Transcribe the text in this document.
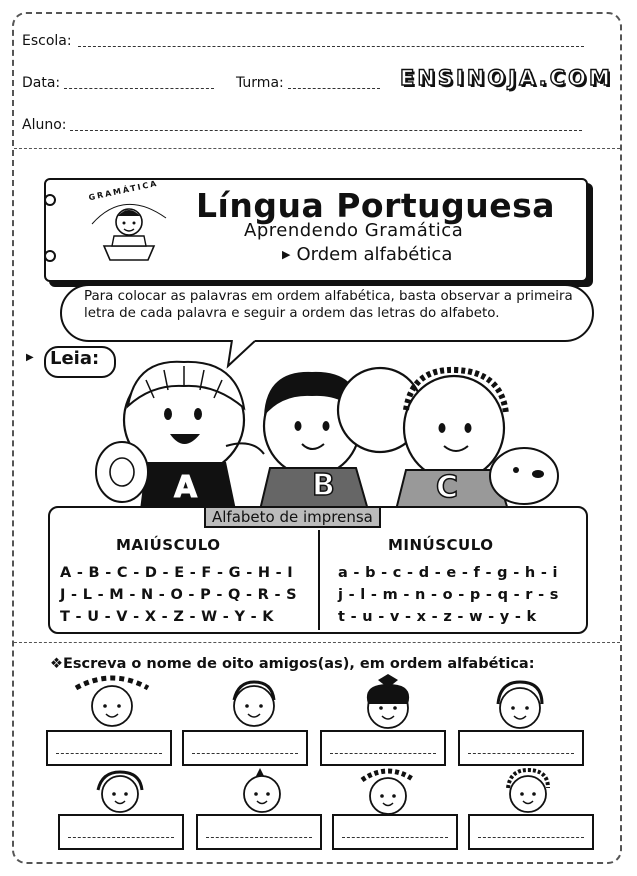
Escola:
Data:	Turma:	ENSINOJA.COM
Aluno:
GRAMÁTICA Língua Portuguesa
Aprendendo Gramática
▶ Ordem alfabética
Para colocar as palavras em ordem alfabética, basta observar a primeira letra de cada palavra e seguir a ordem das letras do alfabeto.
▶ Leia:
A	B	C
Alfabeto de imprensa
MAIÚSCULO	MINÚSCULO
A - B - C - D - E - F - G - H - I
J - L - M - N - O - P - Q - R - S
T - U - V - X - Z - W - Y - K
a - b - c - d - e - f - g - h - i
j - l - m - n - o - p - q - r - s
t - u - v - x - z - w - y - k
❖Escreva o nome de oito amigos(as), em ordem alfabética:
